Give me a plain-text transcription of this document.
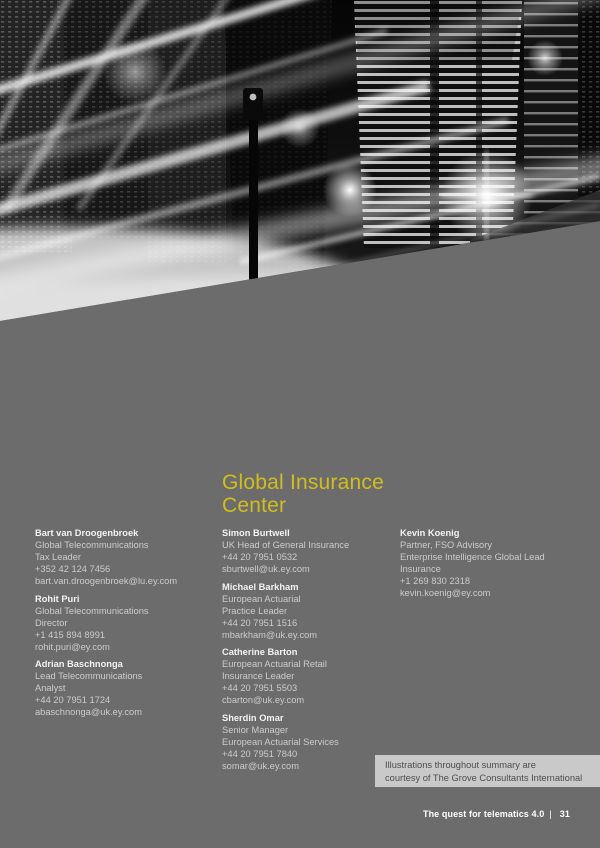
Global Insurance Center
Bart van Droogenbroek
Global Telecommunications
Tax Leader
+352 42 124 7456
bart.van.droogenbroek@lu.ey.com
Rohit Puri
Global Telecommunications
Director
+1 415 894 8991
rohit.puri@ey.com
Adrian Baschnonga
Lead Telecommunications
Analyst
+44 20 7951 1724
abaschnonga@uk.ey.com
Simon Burtwell
UK Head of General Insurance
+44 20 7951 0532
sburtwell@uk.ey.com
Michael Barkham
European Actuarial
Practice Leader
+44 20 7951 1516
mbarkham@uk.ey.com
Catherine Barton
European Actuarial Retail
Insurance Leader
+44 20 7951 5503
cbarton@uk.ey.com
Sherdin Omar
Senior Manager
European Actuarial Services
+44 20 7951 7840
somar@uk.ey.com
Kevin Koenig
Partner, FSO Advisory
Enterprise Intelligence Global Lead
Insurance
+1 269 830 2318
kevin.koenig@ey.com
Illustrations throughout summary are
courtesy of The Grove Consultants International
The quest for telematics 4.0 | 31
